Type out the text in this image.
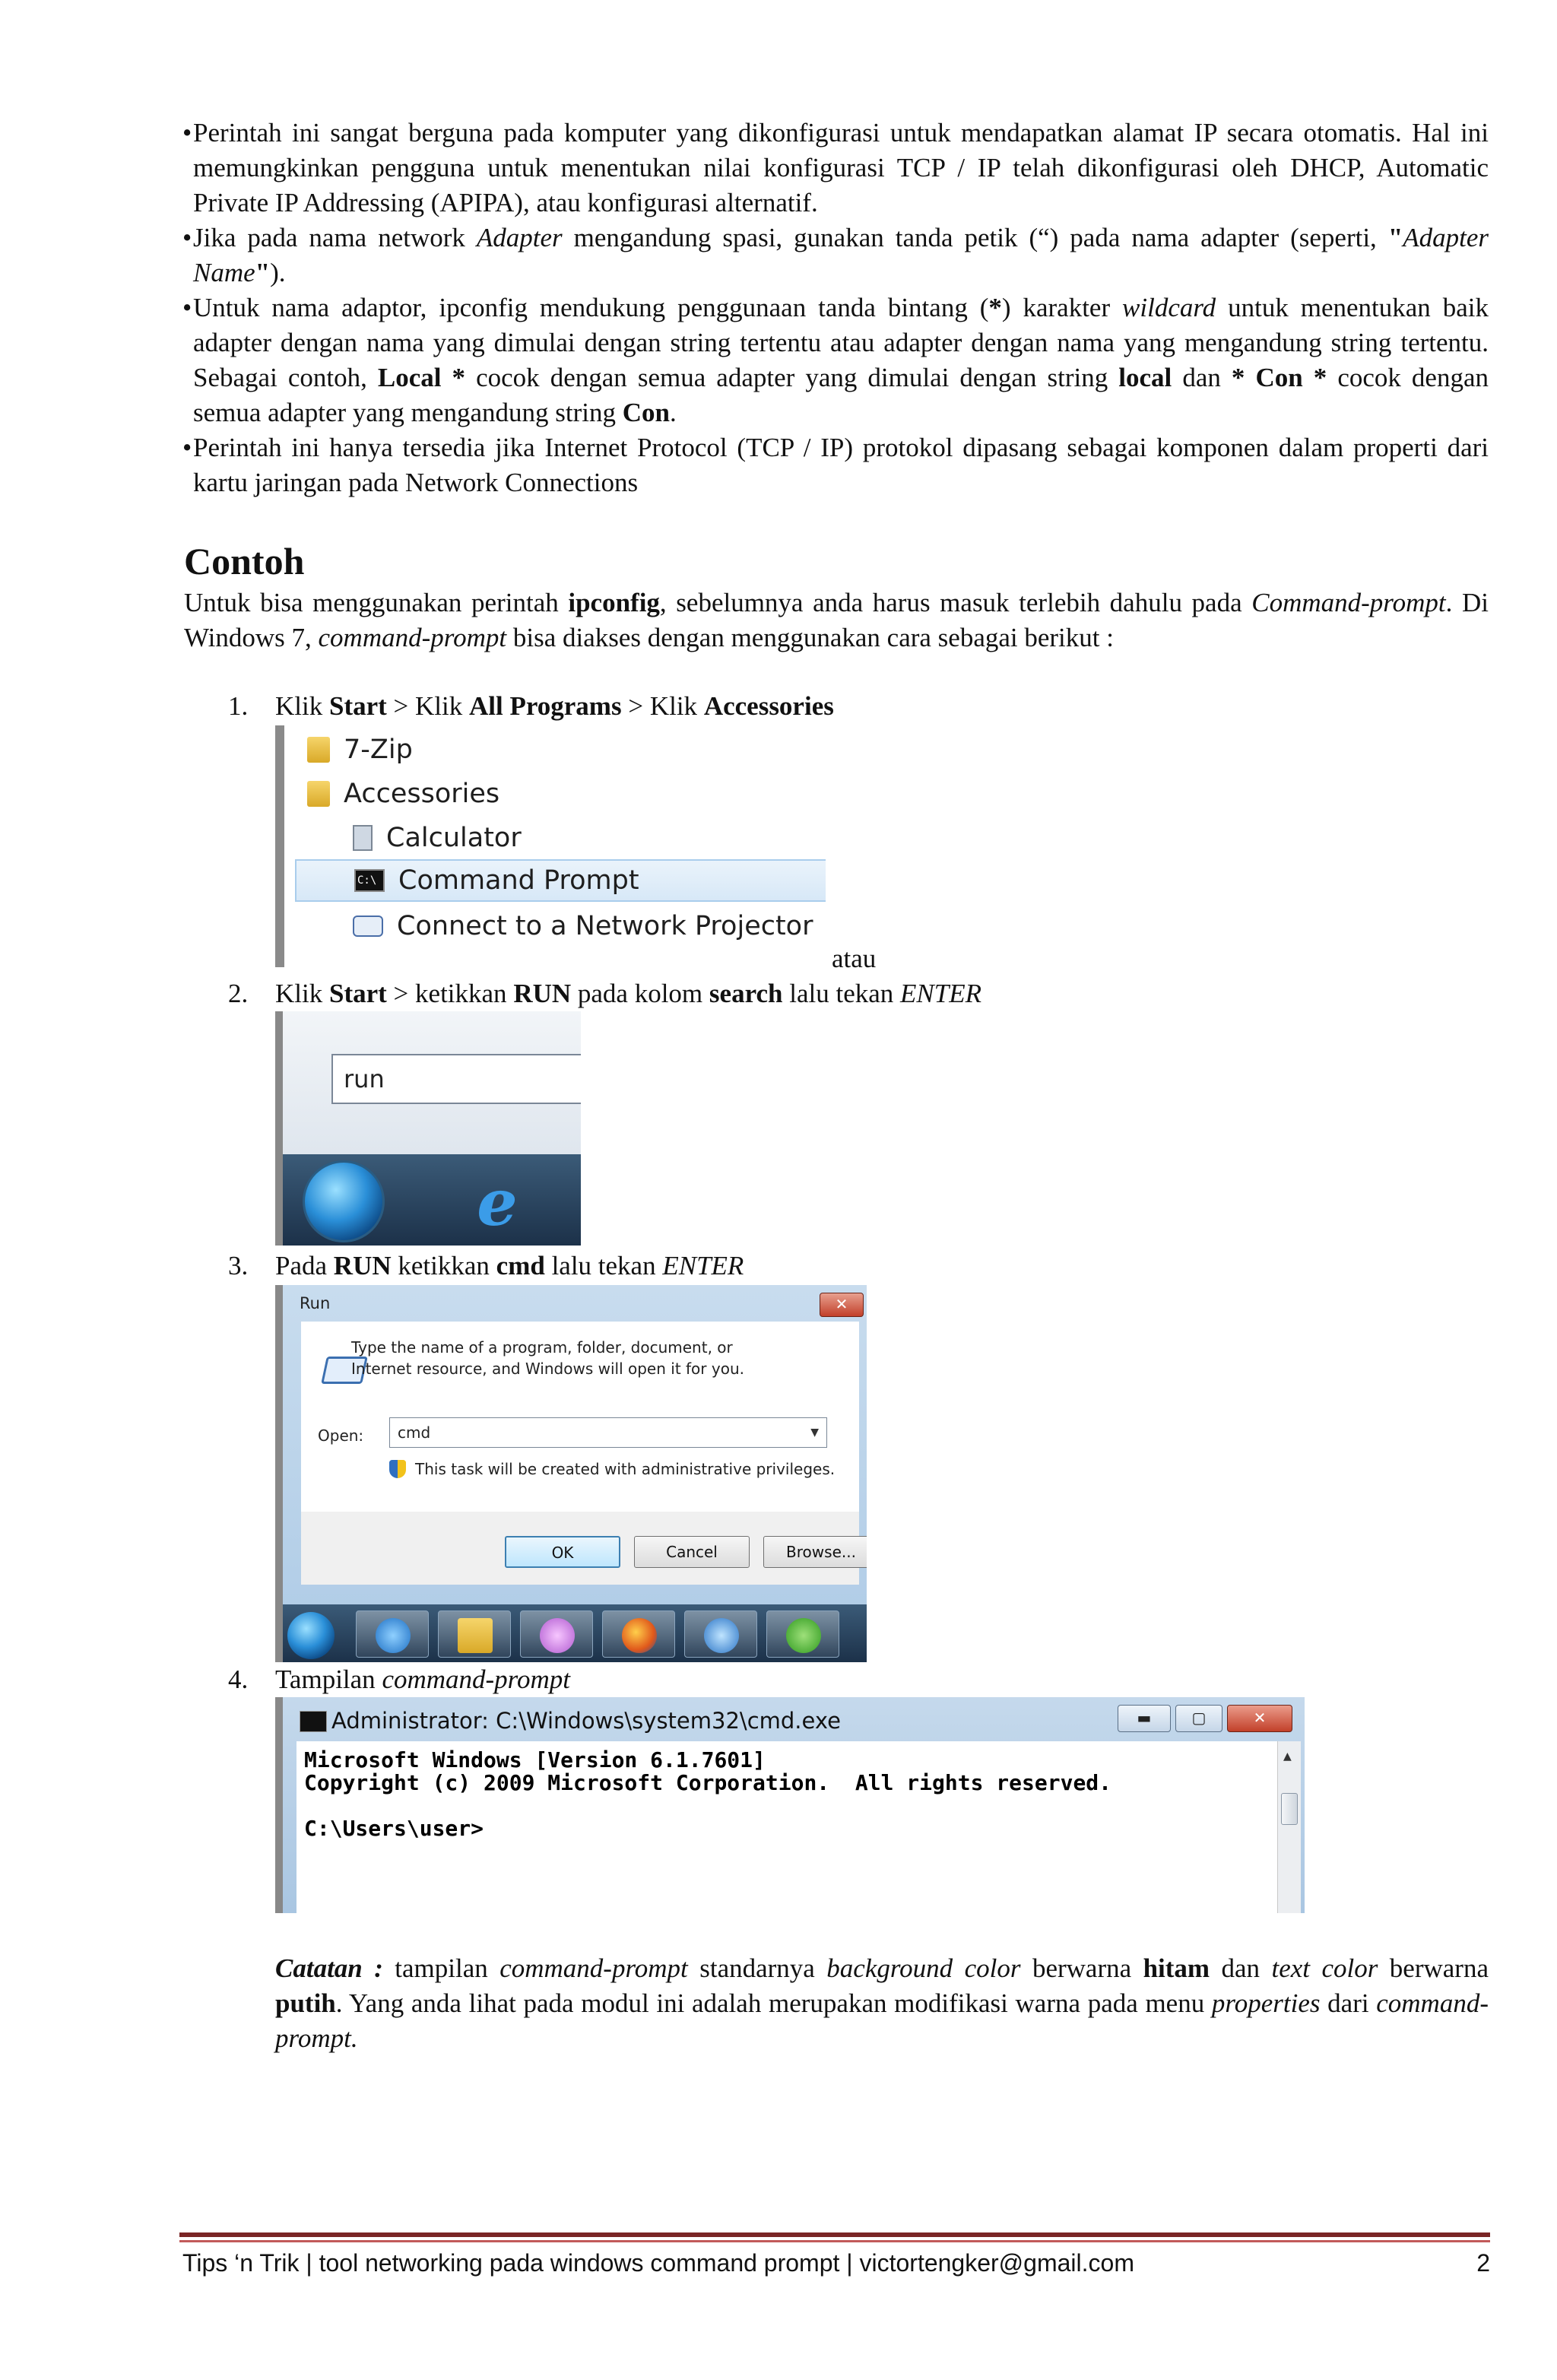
• Perintah ini sangat berguna pada komputer yang dikonfigurasi untuk mendapatkan alamat IP secara otomatis. Hal ini memungkinkan pengguna untuk menentukan nilai konfigurasi TCP / IP telah dikonfigurasi oleh DHCP, Automatic Private IP Addressing (APIPA), atau konfigurasi alternatif.

• Jika pada nama network Adapter mengandung spasi, gunakan tanda petik (“) pada nama adapter (seperti, "Adapter Name").

• Untuk nama adaptor, ipconfig mendukung penggunaan tanda bintang (*) karakter wildcard untuk menentukan baik adapter dengan nama yang dimulai dengan string tertentu atau adapter dengan nama yang mengandung string tertentu. Sebagai contoh, Local * cocok dengan semua adapter yang dimulai dengan string local dan * Con * cocok dengan semua adapter yang mengandung string Con.

• Perintah ini hanya tersedia jika Internet Protocol (TCP / IP) protokol dipasang sebagai komponen dalam properti dari kartu jaringan pada Network Connections

Contoh

Untuk bisa menggunakan perintah ipconfig, sebelumnya anda harus masuk terlebih dahulu pada Command-prompt. Di Windows 7, command-prompt bisa diakses dengan menggunakan cara sebagai berikut :

1. Klik Start > Klik All Programs > Klik Accessories

7-Zip
Accessories
Calculator
C:\ Command Prompt
Connect to a Network Projector
atau

2. Klik Start > ketikkan RUN pada kolom search lalu tekan ENTER

run
e

3. Pada RUN ketikkan cmd lalu tekan ENTER

Run	✕
Type the name of a program, folder, document, or Internet resource, and Windows will open it for you.
Open:	cmd	▼
This task will be created with administrative privileges.
OK	Cancel	Browse...

4. Tampilan command-prompt

Administrator: C:\Windows\system32\cmd.exe	▬	▢	✕
Microsoft Windows [Version 6.1.7601]
Copyright (c) 2009 Microsoft Corporation.  All rights reserved.

C:\Users\user>
▲

Catatan : tampilan command-prompt standarnya background color berwarna hitam dan text color berwarna putih. Yang anda lihat pada modul ini adalah merupakan modifikasi warna pada menu properties dari command-prompt.

Tips ‘n Trik | tool networking pada windows command prompt | victortengker@gmail.com	2
